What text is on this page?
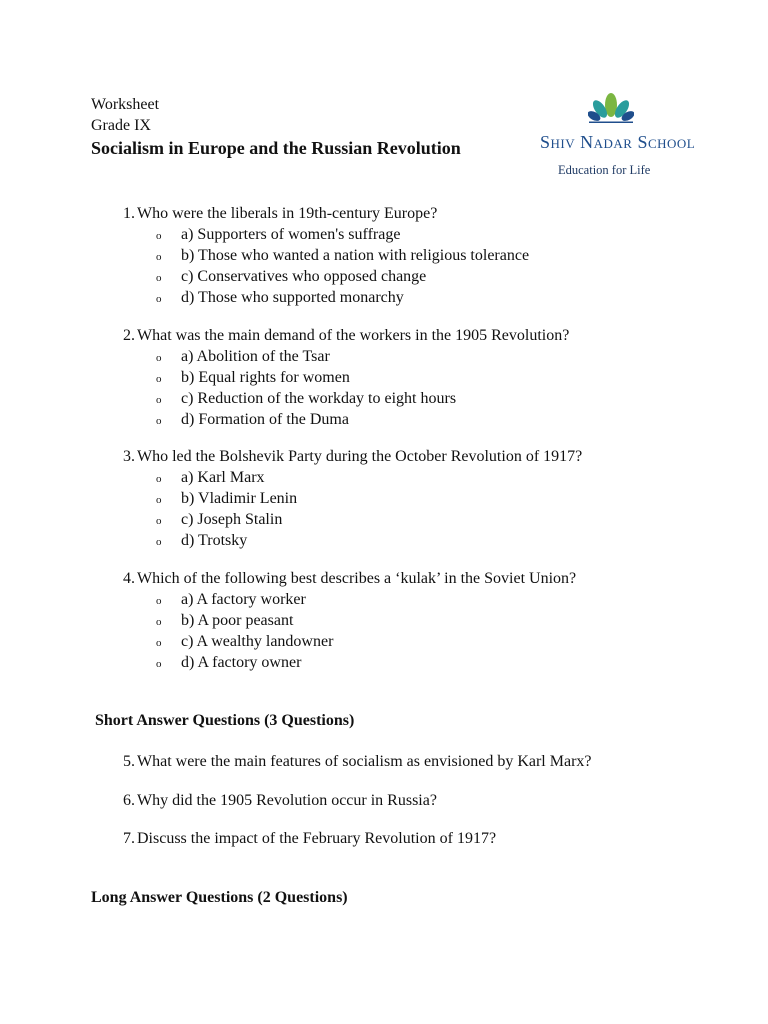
Worksheet
Grade IX
Socialism in Europe and the Russian Revolution	Shiv Nadar School
Education for Life
1. Who were the liberals in 19th-century Europe?
o	a) Supporters of women's suffrage
o	b) Those who wanted a nation with religious tolerance
o	c) Conservatives who opposed change
o	d) Those who supported monarchy
2. What was the main demand of the workers in the 1905 Revolution?
o	a) Abolition of the Tsar
o	b) Equal rights for women
o	c) Reduction of the workday to eight hours
o	d) Formation of the Duma
3. Who led the Bolshevik Party during the October Revolution of 1917?
o	a) Karl Marx
o	b) Vladimir Lenin
o	c) Joseph Stalin
o	d) Trotsky
4. Which of the following best describes a ‘kulak’ in the Soviet Union?
o	a) A factory worker
o	b) A poor peasant
o	c) A wealthy landowner
o	d) A factory owner
Short Answer Questions (3 Questions)
5. What were the main features of socialism as envisioned by Karl Marx?
6. Why did the 1905 Revolution occur in Russia?
7. Discuss the impact of the February Revolution of 1917?
Long Answer Questions (2 Questions)
